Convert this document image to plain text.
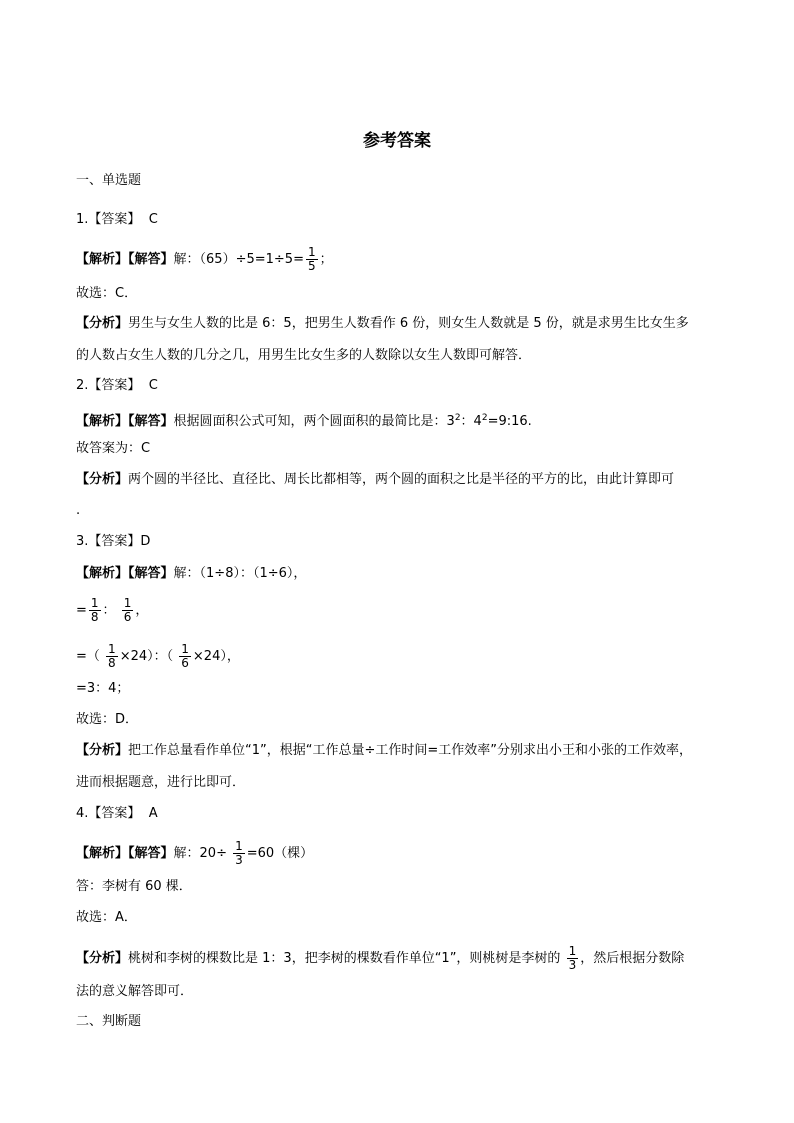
参考答案
一、单选题
1.【答案】 C
【解析】【解答】解：$(65)\div 5=1\div 5= \frac{1}{5}$ ；
故选：C．
【分析】男生与女生人数的比是 6：5，把男生人数看作 6 份，则女生人数就是 5 份，就是求男生比女生多
的人数占女生人数的几分之几，用男生比女生多的人数除以女生人数即可解答．
2.【答案】 C
【解析】【解答】根据圆面积公式可知，两个圆面积的最简比是：$3^2$：$4^2=9:16$.
故答案为：C
【分析】两个圆的半径比、直径比、周长比都相等，两个圆的面积之比是半径的平方的比，由此计算即可
.
3.【答案】D
【解析】【解答】解：（1÷8）：（1÷6），
= $\frac{1}{8}$ ： $\frac{1}{6}$ ，
=（ $\frac{1}{8} \times 24$）：（ $\frac{1}{6} \times 24$），
=3：4；
故选：D．
【分析】把工作总量看作单位“1”，根据“工作总量÷工作时间=工作效率”分别求出小王和小张的工作效率，
进而根据题意，进行比即可．
4.【答案】 A
【解析】【解答】解：$20\div \frac{1}{3} =60$（棵）
答：李树有 60 棵．
故选：A．
【分析】桃树和李树的棵数比是 1：3，把李树的棵数看作单位“1”，则桃树是李树的 $\frac{1}{3}$ ，然后根据分数除
法的意义解答即可．
二、判断题
